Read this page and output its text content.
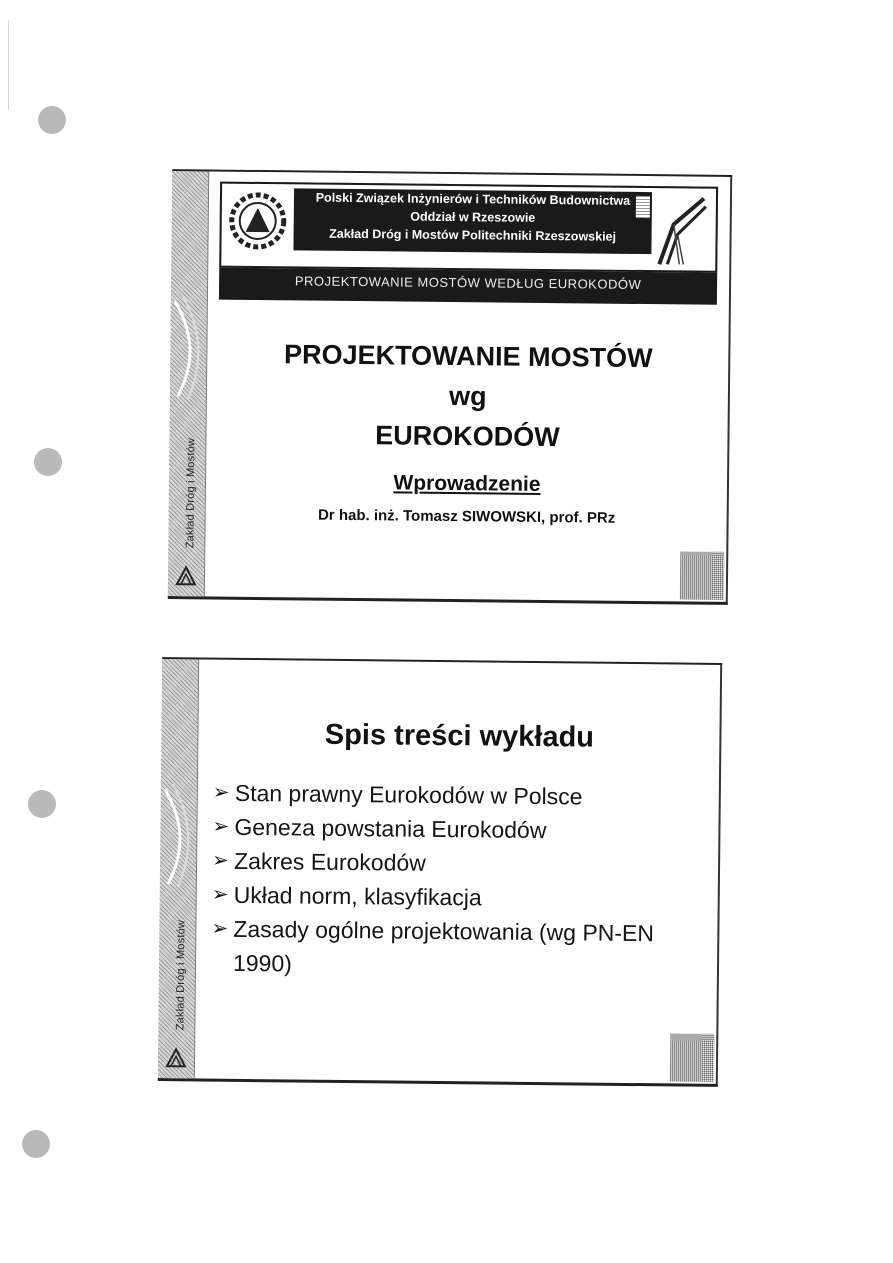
Zakład Dróg i Mostów
Polski Związek Inżynierów i Techników Budownictwa
Oddział w Rzeszowie
Zakład Dróg i Mostów Politechniki Rzeszowskiej
PROJEKTOWANIE MOSTÓW WEDŁUG EUROKODÓW
PROJEKTOWANIE MOSTÓW
wg
EUROKODÓW
Wprowadzenie
Dr hab. inż. Tomasz SIWOWSKI, prof. PRz
Zakład Dróg i Mostów
Spis treści wykładu
➢ Stan prawny Eurokodów w Polsce
➢ Geneza powstania Eurokodów
➢ Zakres Eurokodów
➢ Układ norm, klasyfikacja
➢ Zasady ogólne projektowania (wg PN-EN 1990)
